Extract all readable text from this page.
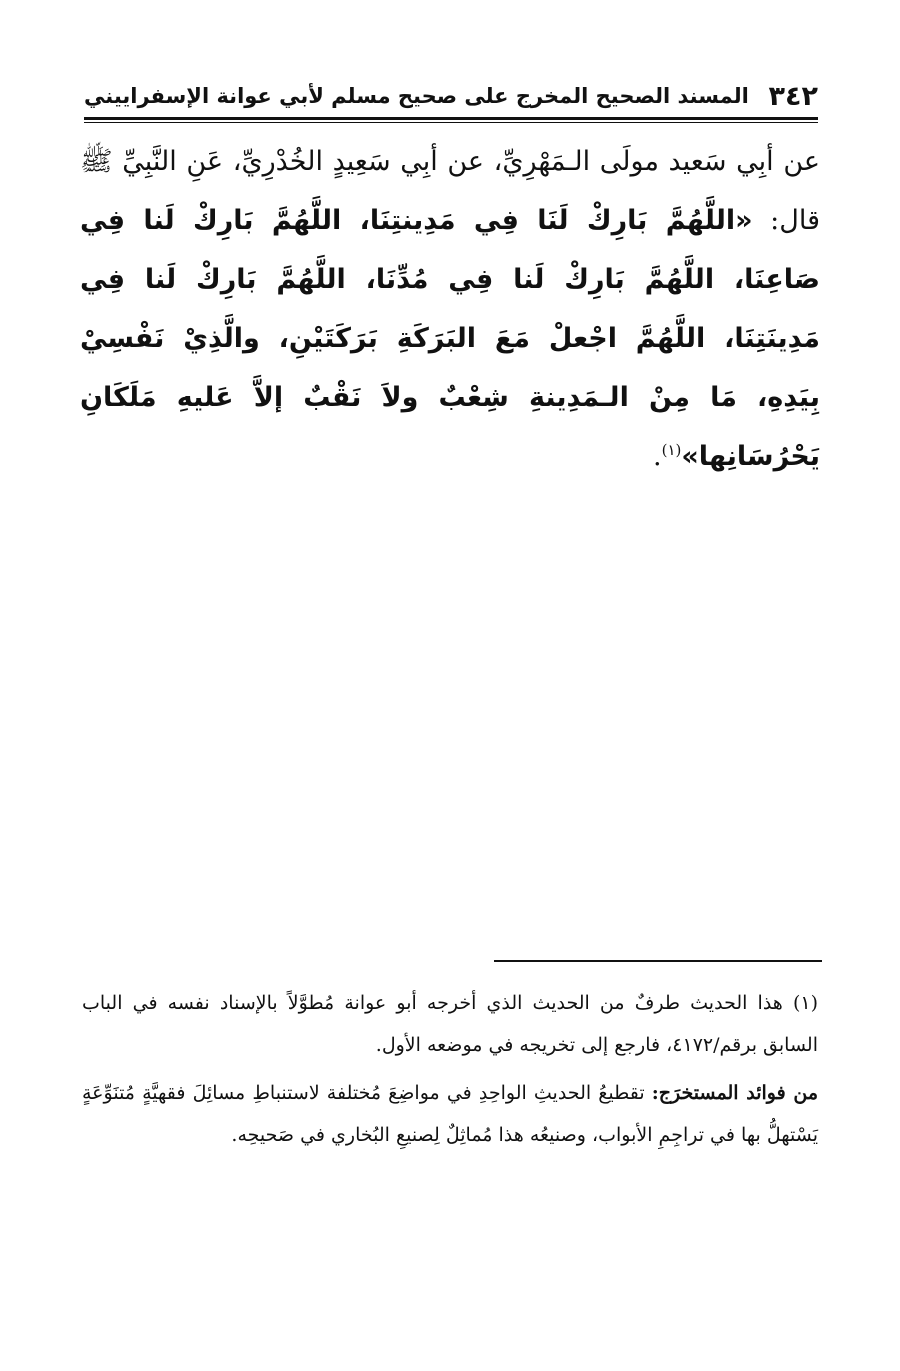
٣٤٢
المسند الصحيح المخرج على صحيح مسلم لأبي عوانة الإسفراييني
عن أبِي سَعيد مولَى الـمَهْرِيِّ، عن أبِي سَعِيدٍ الخُدْرِيِّ، عَنِ النَّبِيِّ ﷺ قال: «اللَّهُمَّ بَارِكْ لَنَا فِي مَدِينتِنَا، اللَّهُمَّ بَارِكْ لَنا فِي صَاعِنَا، اللَّهُمَّ بَارِكْ لَنا فِي مُدِّنَا، اللَّهُمَّ بَارِكْ لَنا فِي مَدِينَتِنَا، اللَّهُمَّ اجْعلْ مَعَ البَرَكَةِ بَرَكَتَيْنِ، والَّذِيْ نَفْسِيْ بِيَدِهِ، مَا مِنْ الـمَدِينةِ شِعْبٌ ولاَ نَقْبٌ إلاَّ عَليهِ مَلَكَانِ يَحْرُسَانِها»$^{(١)}$.

(١) هذا الحديث طرفٌ من الحديث الذي أخرجه أبو عوانة مُطوَّلاً بالإسناد نفسه في الباب السابق برقم/٤١٧٢، فارجع إلى تخريجه في موضعه الأول.

من فوائد المستخرَج: تقطيعُ الحديثِ الواحِدِ في مواضِعَ مُختلفة لاستنباطِ مسائِلَ فقهيَّةٍ مُتنَوِّعَةٍ يَسْتهلُّ بها في تراجِمِ الأبواب، وصنيعُه هذا مُماثِلٌ لِصنيعِ البُخاري في صَحيحِه.
